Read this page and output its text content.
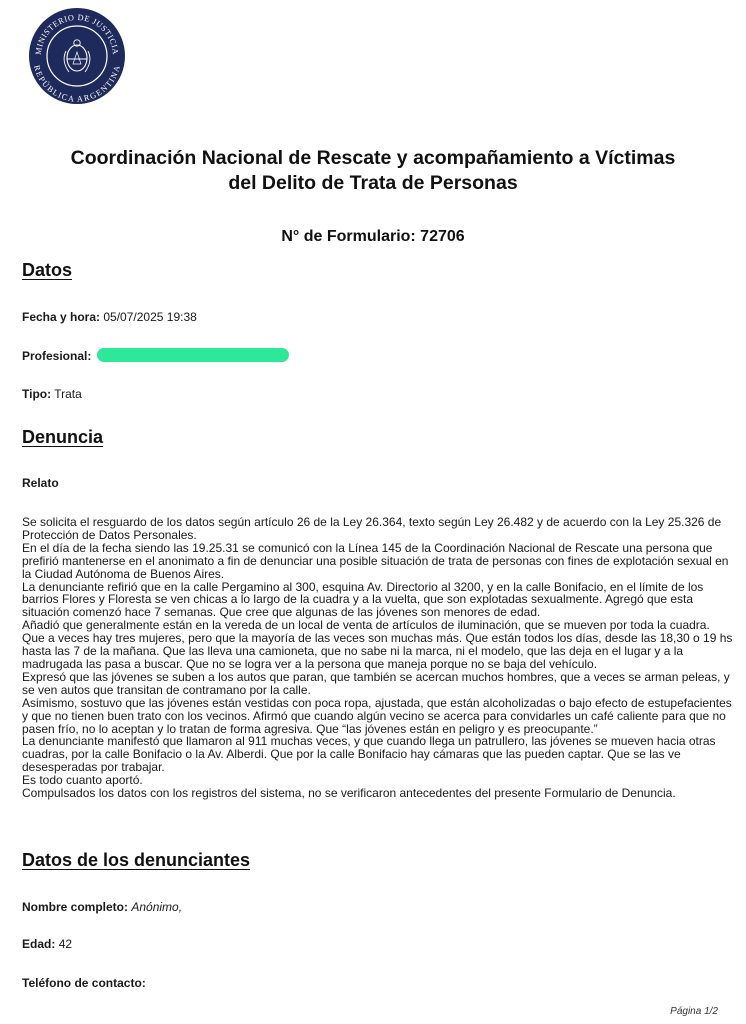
MINISTERIO DE JUSTICIA
REPÚBLICA ARGENTINA
Coordinación Nacional de Rescate y acompañamiento a Víctimas
del Delito de Trata de Personas
N° de Formulario: 72706
Datos
Fecha y hora: 05/07/2025 19:38
Profesional:
Tipo: Trata
Denuncia
Relato

Se solicita el resguardo de los datos según artículo 26 de la Ley 26.364, texto según Ley 26.482 y de acuerdo con la Ley 25.326 de Protección de Datos Personales.

En el día de la fecha siendo las 19.25.31 se comunicó con la Línea 145 de la Coordinación Nacional de Rescate una persona que prefirió mantenerse en el anonimato a fin de denunciar una posible situación de trata de personas con fines de explotación sexual en la Ciudad Autónoma de Buenos Aires.

La denunciante refirió que en la calle Pergamino al 300, esquina Av. Directorio al 3200, y en la calle Bonifacio, en el límite de los barrios Flores y Floresta se ven chicas a lo largo de la cuadra y a la vuelta, que son explotadas sexualmente. Agregó que esta situación comenzó hace 7 semanas. Que cree que algunas de las jóvenes son menores de edad.

Añadió que generalmente están en la vereda de un local de venta de artículos de iluminación, que se mueven por toda la cuadra. Que a veces hay tres mujeres, pero que la mayoría de las veces son muchas más. Que están todos los días, desde las 18,30 o 19 hs hasta las 7 de la mañana. Que las lleva una camioneta, que no sabe ni la marca, ni el modelo, que las deja en el lugar y a la madrugada las pasa a buscar. Que no se logra ver a la persona que maneja porque no se baja del vehículo.

Expresó que las jóvenes se suben a los autos que paran, que también se acercan muchos hombres, que a veces se arman peleas, y se ven autos que transitan de contramano por la calle.

Asimismo, sostuvo que las jóvenes están vestidas con poca ropa, ajustada, que están alcoholizadas o bajo efecto de estupefacientes y que no tienen buen trato con los vecinos. Afirmó que cuando algún vecino se acerca para convidarles un café caliente para que no pasen frío, no lo aceptan y lo tratan de forma agresiva. Que “las jóvenes están en peligro y es preocupante.”

La denunciante manifestó que llamaron al 911 muchas veces, y que cuando llega un patrullero, las jóvenes se mueven hacia otras cuadras, por la calle Bonifacio o la Av. Alberdi. Que por la calle Bonifacio hay cámaras que las pueden captar. Que se las ve desesperadas por trabajar.

Es todo cuanto aportó.

Compulsados los datos con los registros del sistema, no se verificaron antecedentes del presente Formulario de Denuncia.

Datos de los denunciantes
Nombre completo: Anónimo,
Edad: 42
Teléfono de contacto:
Página 1/2
